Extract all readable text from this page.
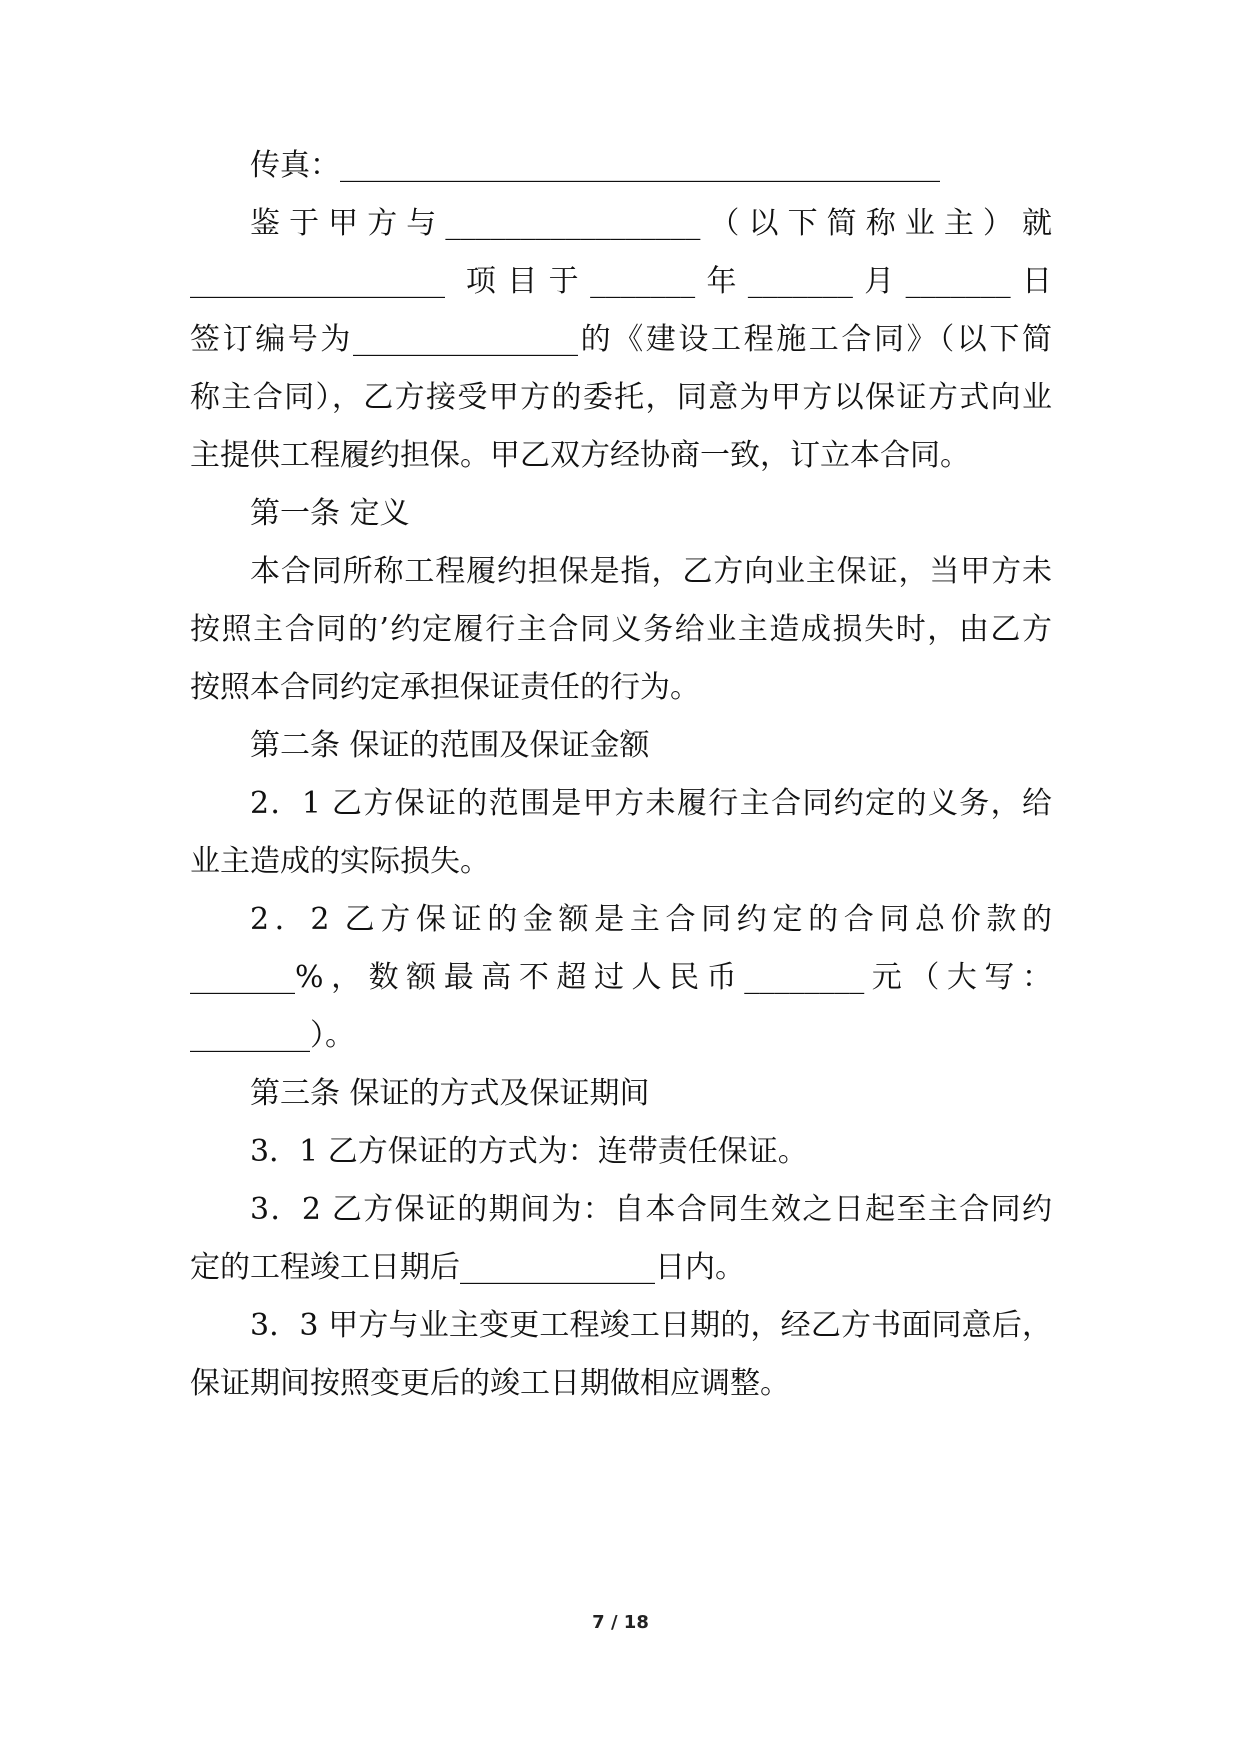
传真：________________________________________
鉴于甲方与_________________（以下简称业主）就
_________________ 项目于_______年_______月_______日
签订编号为_______________的《建设工程施工合同》（以下简
称主合同），乙方接受甲方的委托，同意为甲方以保证方式向业
主提供工程履约担保。甲乙双方经协商一致，订立本合同。
第一条 定义
本合同所称工程履约担保是指，乙方向业主保证，当甲方未
按照主合同的’约定履行主合同义务给业主造成损失时，由乙方
按照本合同约定承担保证责任的行为。
第二条 保证的范围及保证金额
2．1 乙方保证的范围是甲方未履行主合同约定的义务，给
业主造成的实际损失。
2．2 乙方保证的金额是主合同约定的合同总价款的
_______%，数额最高不超过人民币________元（大写：
________）。
第三条 保证的方式及保证期间
3．1 乙方保证的方式为：连带责任保证。
3．2 乙方保证的期间为：自本合同生效之日起至主合同约
定的工程竣工日期后_____________日内。
3．3 甲方与业主变更工程竣工日期的，经乙方书面同意后，
保证期间按照变更后的竣工日期做相应调整。
7 / 18
